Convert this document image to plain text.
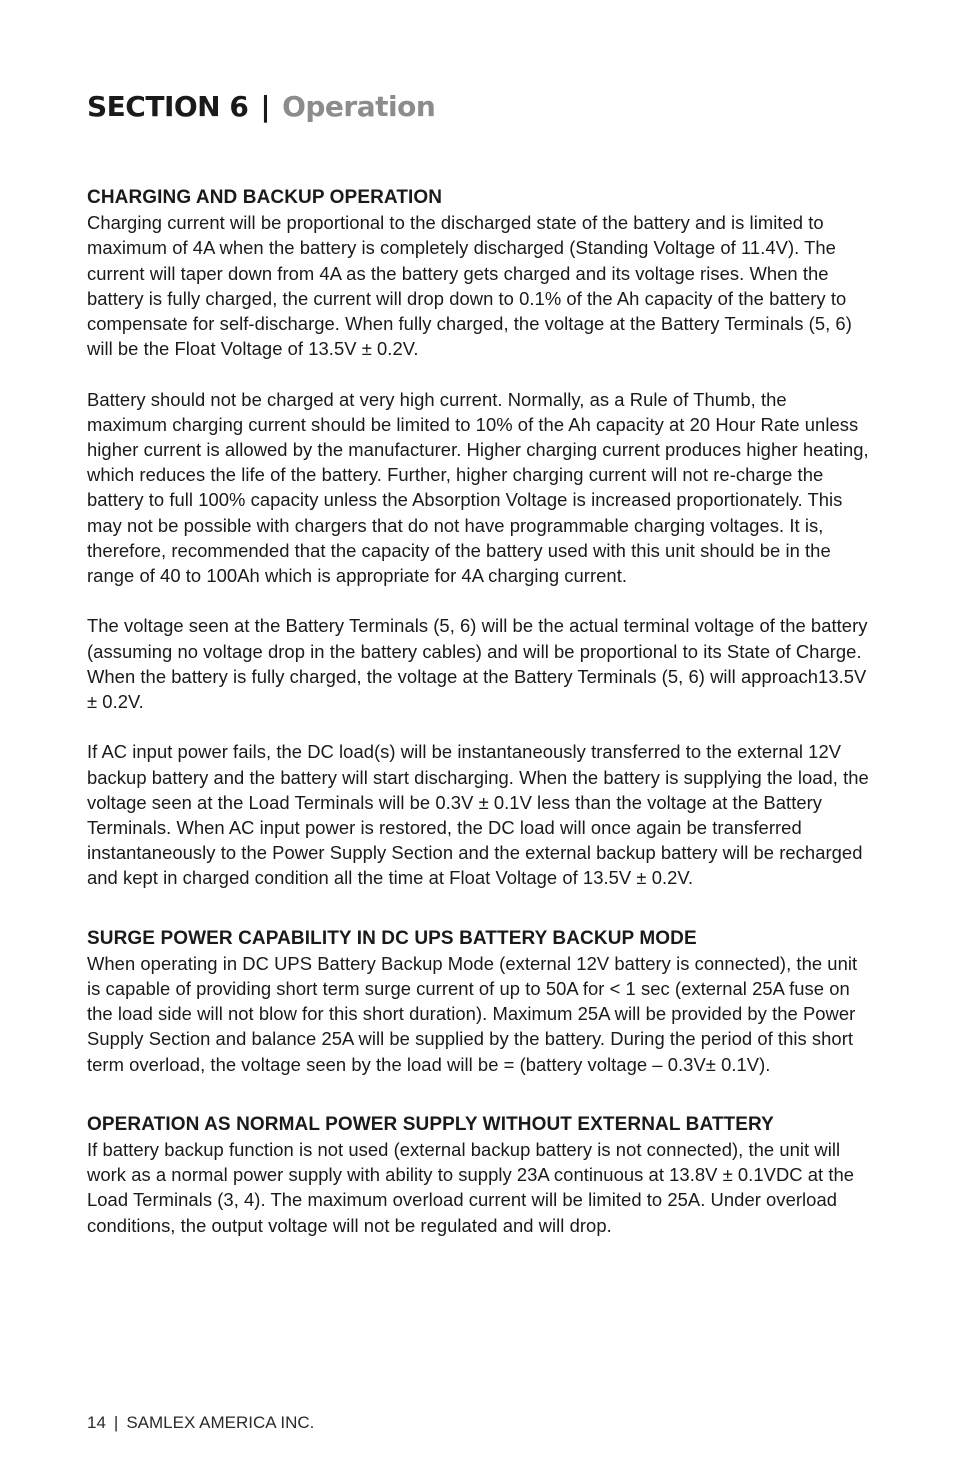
SECTION 6 | Operation
CHARGING AND BACKUP OPERATION

Charging current will be proportional to the discharged state of the battery and is limited to maximum of 4A when the battery is completely discharged (Standing Voltage of 11.4V). The current will taper down from 4A as the battery gets charged and its voltage rises. When the battery is fully charged, the current will drop down to 0.1% of the Ah capacity of the battery to compensate for self-discharge. When fully charged, the voltage at the Battery Terminals (5, 6) will be the Float Voltage of 13.5V ± 0.2V.

Battery should not be charged at very high current. Normally, as a Rule of Thumb, the maximum charging current should be limited to 10% of the Ah capacity at 20 Hour Rate unless higher current is allowed by the manufacturer. Higher charging current produces higher heating, which reduces the life of the battery. Further, higher charging current will not re-charge the battery to full 100% capacity unless the Absorption Voltage is increased proportionately. This may not be possible with chargers that do not have programmable charging voltages. It is, therefore, recommended that the capacity of the battery used with this unit should be in the range of 40 to 100Ah which is appropriate for 4A charging current.

The voltage seen at the Battery Terminals (5, 6) will be the actual terminal voltage of the battery (assuming no voltage drop in the battery cables) and will be proportional to its State of Charge. When the battery is fully charged, the voltage at the Battery Terminals (5, 6) will approach13.5V ± 0.2V.

If AC input power fails, the DC load(s) will be instantaneously transferred to the external 12V backup battery and the battery will start discharging. When the battery is supplying the load, the voltage seen at the Load Terminals will be 0.3V ± 0.1V less than the voltage at the Battery Terminals. When AC input power is restored, the DC load will once again be transferred instantaneously to the Power Supply Section and the external backup battery will be recharged and kept in charged condition all the time at Float Voltage of 13.5V ± 0.2V.

SURGE POWER CAPABILITY IN DC UPS BATTERY BACKUP MODE

When operating in DC UPS Battery Backup Mode (external 12V battery is connected), the unit is capable of providing short term surge current of up to 50A for < 1 sec (external 25A fuse on the load side will not blow for this short duration). Maximum 25A will be provided by the Power Supply Section and balance 25A will be supplied by the battery. During the period of this short term overload, the voltage seen by the load will be = (battery voltage – 0.3V± 0.1V).

OPERATION AS NORMAL POWER SUPPLY WITHOUT EXTERNAL BATTERY

If battery backup function is not used (external backup battery is not connected), the unit will work as a normal power supply with ability to supply 23A continuous at 13.8V ± 0.1VDC at the Load Terminals (3, 4). The maximum overload current will be limited to 25A. Under overload conditions, the output voltage will not be regulated and will drop.

14 | SAMLEX AMERICA INC.
